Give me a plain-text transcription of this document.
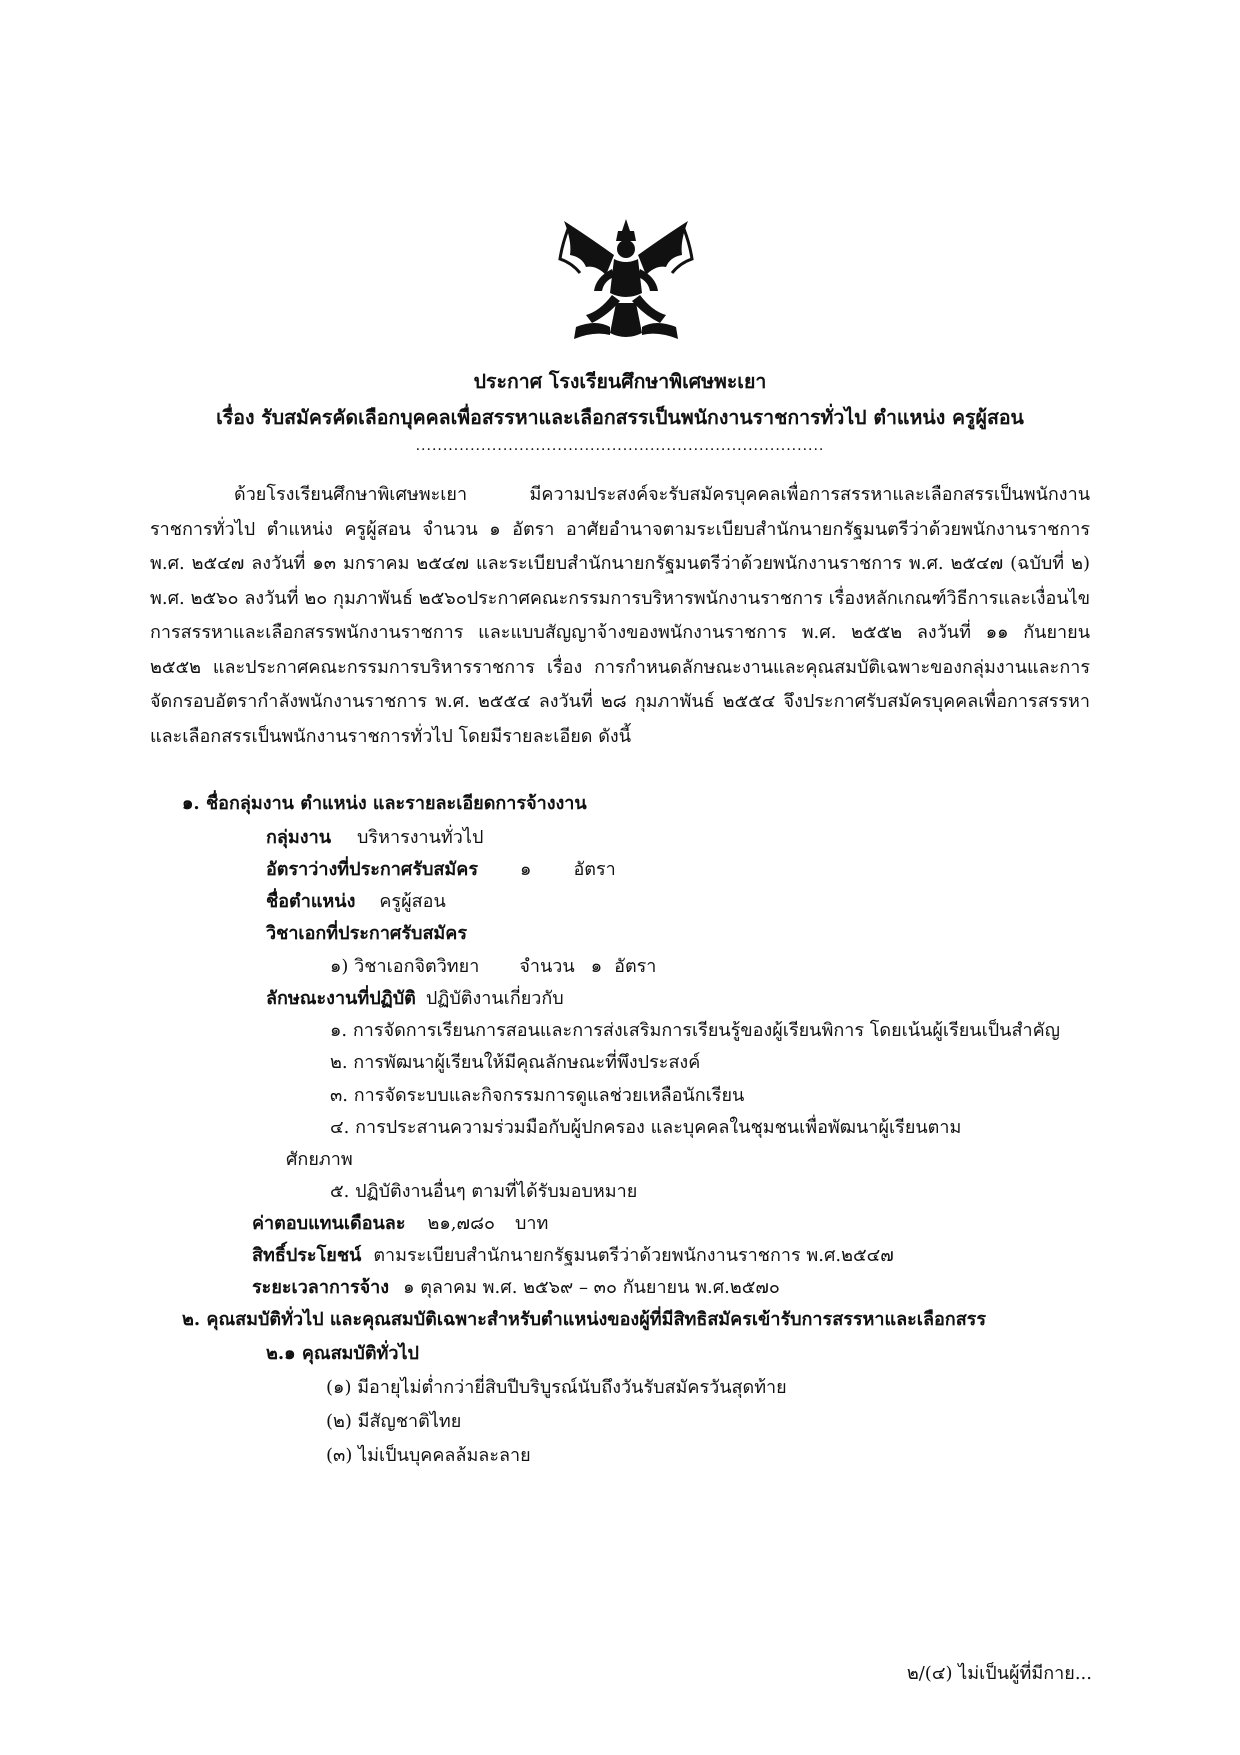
ประกาศ โรงเรียนศึกษาพิเศษพะเยา
เรื่อง รับสมัครคัดเลือกบุคคลเพื่อสรรหาและเลือกสรรเป็นพนักงานราชการทั่วไป ตำแหน่ง ครูผู้สอน
...........................................................................
ด้วยโรงเรียนศึกษาพิเศษพะเยา มีความประสงค์จะรับสมัครบุคคลเพื่อการสรรหาและเลือกสรรเป็นพนักงานราชการทั่วไป ตำแหน่ง ครูผู้สอน จำนวน ๑ อัตรา อาศัยอำนาจตามระเบียบสำนักนายกรัฐมนตรีว่าด้วยพนักงานราชการ พ.ศ. ๒๕๔๗ ลงวันที่ ๑๓ มกราคม ๒๕๔๗ และระเบียบสำนักนายกรัฐมนตรีว่าด้วยพนักงานราชการ พ.ศ. ๒๕๔๗ (ฉบับที่ ๒) พ.ศ. ๒๕๖๐ ลงวันที่ ๒๐ กุมภาพันธ์ ๒๕๖๐ประกาศคณะกรรมการบริหารพนักงานราชการ เรื่องหลักเกณฑ์วิธีการและเงื่อนไขการสรรหาและเลือกสรรพนักงานราชการ และแบบสัญญาจ้างของพนักงานราชการ พ.ศ. ๒๕๕๒ ลงวันที่ ๑๑ กันยายน ๒๕๕๒ และประกาศคณะกรรมการบริหารราชการ เรื่อง การกำหนดลักษณะงานและคุณสมบัติเฉพาะของกลุ่มงานและการจัดกรอบอัตรากำลังพนักงานราชการ พ.ศ. ๒๕๕๔ ลงวันที่ ๒๘ กุมภาพันธ์ ๒๕๕๔ จึงประกาศรับสมัครบุคคลเพื่อการสรรหาและเลือกสรรเป็นพนักงานราชการทั่วไป โดยมีรายละเอียด ดังนี้
๑. ชื่อกลุ่มงาน ตำแหน่ง และรายละเอียดการจ้างงาน
กลุ่มงาน บริหารงานทั่วไป
อัตราว่างที่ประกาศรับสมัคร ๑ อัตรา
ชื่อตำแหน่ง ครูผู้สอน
วิชาเอกที่ประกาศรับสมัคร
๑) วิชาเอกจิตวิทยา จำนวน ๑ อัตรา
ลักษณะงานที่ปฏิบัติ ปฏิบัติงานเกี่ยวกับ
๑. การจัดการเรียนการสอนและการส่งเสริมการเรียนรู้ของผู้เรียนพิการ โดยเน้นผู้เรียนเป็นสำคัญ
๒. การพัฒนาผู้เรียนให้มีคุณลักษณะที่พึงประสงค์
๓. การจัดระบบและกิจกรรมการดูแลช่วยเหลือนักเรียน
๔. การประสานความร่วมมือกับผู้ปกครอง และบุคคลในชุมชนเพื่อพัฒนาผู้เรียนตาม
ศักยภาพ
๕. ปฏิบัติงานอื่นๆ ตามที่ได้รับมอบหมาย
ค่าตอบแทนเดือนละ ๒๑,๗๘๐ บาท
สิทธิ์ประโยชน์ ตามระเบียบสำนักนายกรัฐมนตรีว่าด้วยพนักงานราชการ พ.ศ.๒๕๔๗
ระยะเวลาการจ้าง ๑ ตุลาคม พ.ศ. ๒๕๖๙ – ๓๐ กันยายน พ.ศ.๒๕๗๐
๒. คุณสมบัติทั่วไป และคุณสมบัติเฉพาะสำหรับตำแหน่งของผู้ที่มีสิทธิสมัครเข้ารับการสรรหาและเลือกสรร
๒.๑ คุณสมบัติทั่วไป
(๑) มีอายุไม่ต่ำกว่ายี่สิบปีบริบูรณ์นับถึงวันรับสมัครวันสุดท้าย
(๒) มีสัญชาติไทย
(๓) ไม่เป็นบุคคลล้มละลาย
๒/(๔) ไม่เป็นผู้ที่มีกาย...
